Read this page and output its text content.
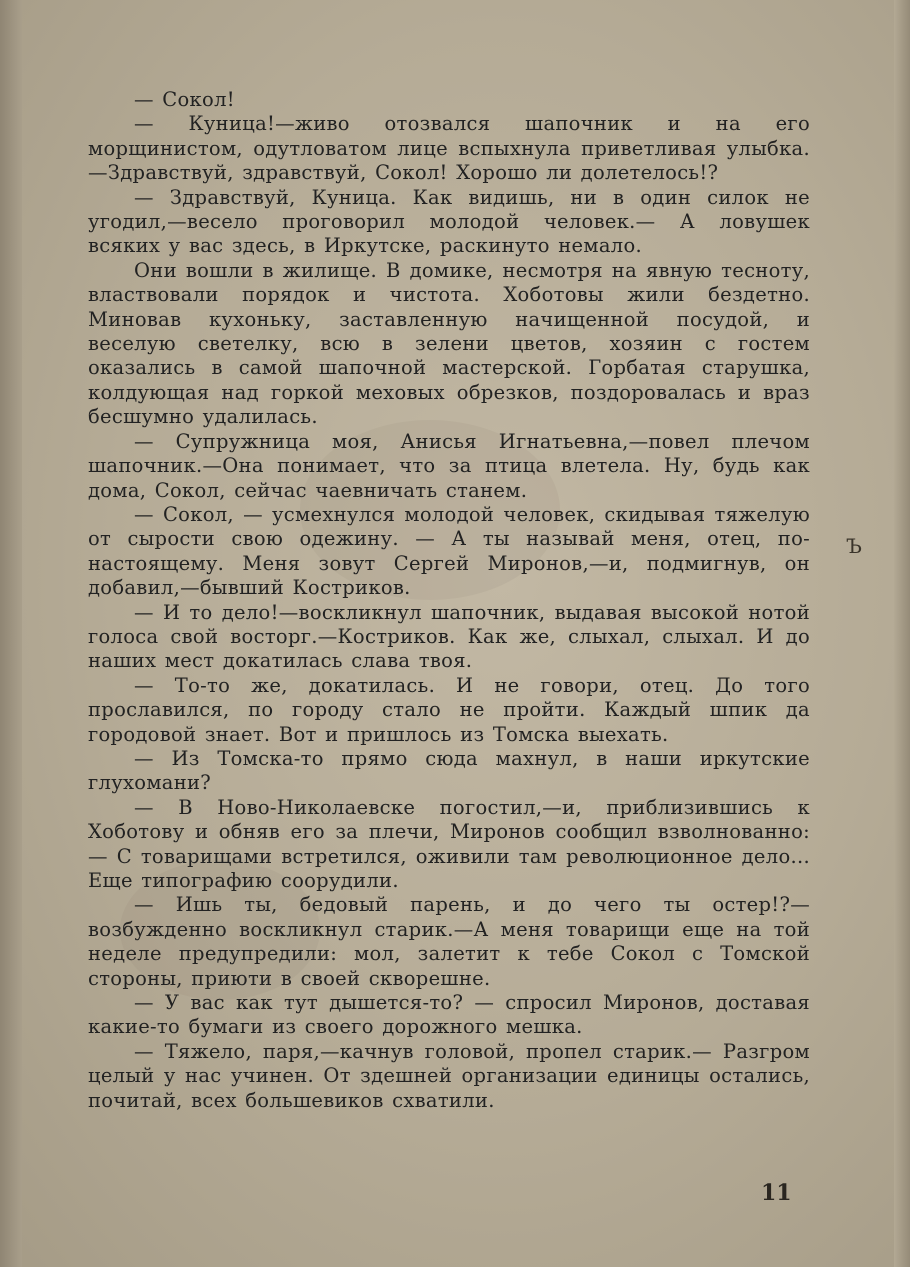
— Сокол!

— Куница!—живо отозвался шапочник и на его морщинистом, одутловатом лице вспыхнула приветливая улыбка.—Здравствуй, здравствуй, Сокол! Хорошо ли долетелось!?

— Здравствуй, Куница. Как видишь, ни в один силок не угодил,—весело проговорил молодой человек.— А ловушек всяких у вас здесь, в Иркутске, раскинуто немало.

Они вошли в жилище. В домике, несмотря на явную тесноту, властвовали порядок и чистота. Хоботовы жили бездетно. Миновав кухоньку, заставленную начищенной посудой, и веселую светелку, всю в зелени цветов, хозяин с гостем оказались в самой шапочной мастерской. Горбатая старушка, колдующая над горкой меховых обрезков, поздоровалась и враз бесшумно удалилась.

— Супружница моя, Анисья Игнатьевна,—повел плечом шапочник.—Она понимает, что за птица влетела. Ну, будь как дома, Сокол, сейчас чаевничать станем.

— Сокол, — усмехнулся молодой человек, скидывая тяжелую от сырости свою одежину. — А ты называй меня, отец, по-настоящему. Меня зовут Сергей Миронов,—и, подмигнув, он добавил,—бывший Костриков.

— И то дело!—воскликнул шапочник, выдавая высокой нотой голоса свой восторг.—Костриков. Как же, слыхал, слыхал. И до наших мест докатилась слава твоя.

— То-то же, докатилась. И не говори, отец. До того прославился, по городу стало не пройти. Каждый шпик да городовой знает. Вот и пришлось из Томска выехать.

— Из Томска-то прямо сюда махнул, в наши иркутские глухомани?

— В Ново-Николаевске погостил,—и, приблизившись к Хоботову и обняв его за плечи, Миронов сообщил взволнованно:— С товарищами встретился, оживили там революционное дело... Еще типографию соорудили.

— Ишь ты, бедовый парень, и до чего ты остер!?— возбужденно воскликнул старик.—А меня товарищи еще на той неделе предупредили: мол, залетит к тебе Сокол с Томской стороны, приюти в своей скворешне.

— У вас как тут дышется-то? — спросил Миронов, доставая какие-то бумаги из своего дорожного мешка.

— Тяжело, паря,—качнув головой, пропел старик.— Разгром целый у нас учинен. От здешней организации единицы остались, почитай, всех большевиков схватили.

Ъ
11
